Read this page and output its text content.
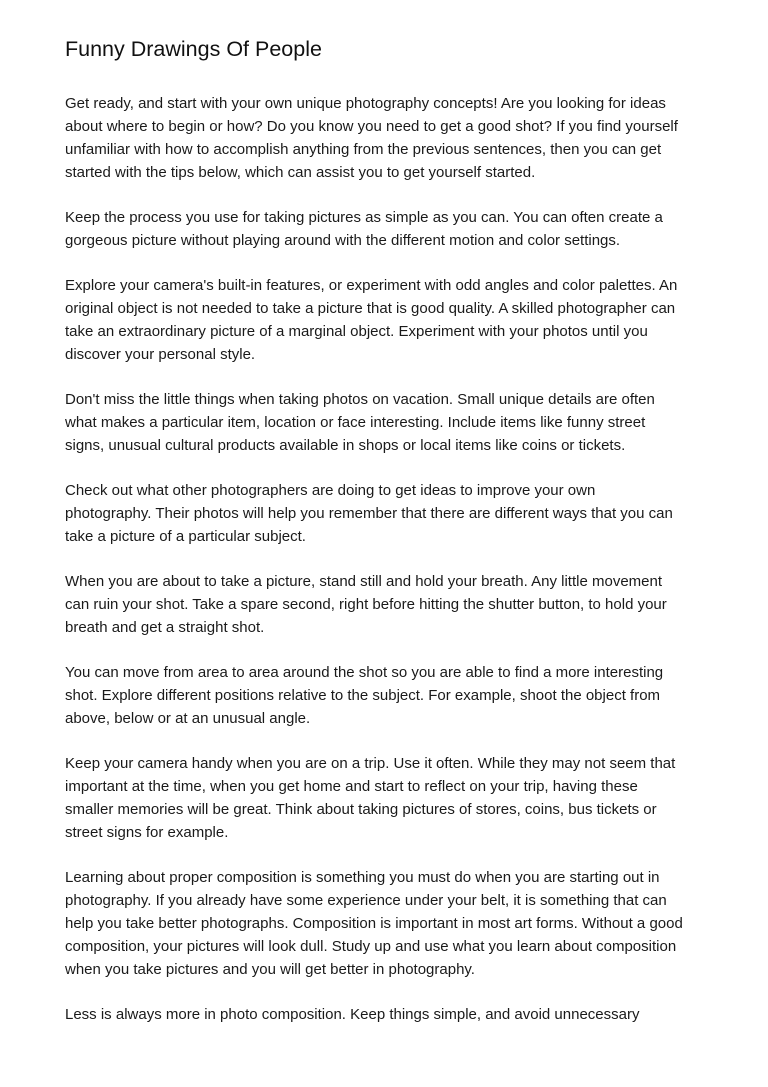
Funny Drawings Of People

Get ready, and start with your own unique photography concepts! Are you looking for ideas
about where to begin or how? Do you know you need to get a good shot? If you find yourself
unfamiliar with how to accomplish anything from the previous sentences, then you can get
started with the tips below, which can assist you to get yourself started.

Keep the process you use for taking pictures as simple as you can. You can often create a
gorgeous picture without playing around with the different motion and color settings.

Explore your camera's built-in features, or experiment with odd angles and color palettes. An
original object is not needed to take a picture that is good quality. A skilled photographer can
take an extraordinary picture of a marginal object. Experiment with your photos until you
discover your personal style.

Don't miss the little things when taking photos on vacation. Small unique details are often
what makes a particular item, location or face interesting. Include items like funny street
signs, unusual cultural products available in shops or local items like coins or tickets.

Check out what other photographers are doing to get ideas to improve your own
photography. Their photos will help you remember that there are different ways that you can
take a picture of a particular subject.

When you are about to take a picture, stand still and hold your breath. Any little movement
can ruin your shot. Take a spare second, right before hitting the shutter button, to hold your
breath and get a straight shot.

You can move from area to area around the shot so you are able to find a more interesting
shot. Explore different positions relative to the subject. For example, shoot the object from
above, below or at an unusual angle.

Keep your camera handy when you are on a trip. Use it often. While they may not seem that
important at the time, when you get home and start to reflect on your trip, having these
smaller memories will be great. Think about taking pictures of stores, coins, bus tickets or
street signs for example.

Learning about proper composition is something you must do when you are starting out in
photography. If you already have some experience under your belt, it is something that can
help you take better photographs. Composition is important in most art forms. Without a good
composition, your pictures will look dull. Study up and use what you learn about composition
when you take pictures and you will get better in photography.

Less is always more in photo composition. Keep things simple, and avoid unnecessary
